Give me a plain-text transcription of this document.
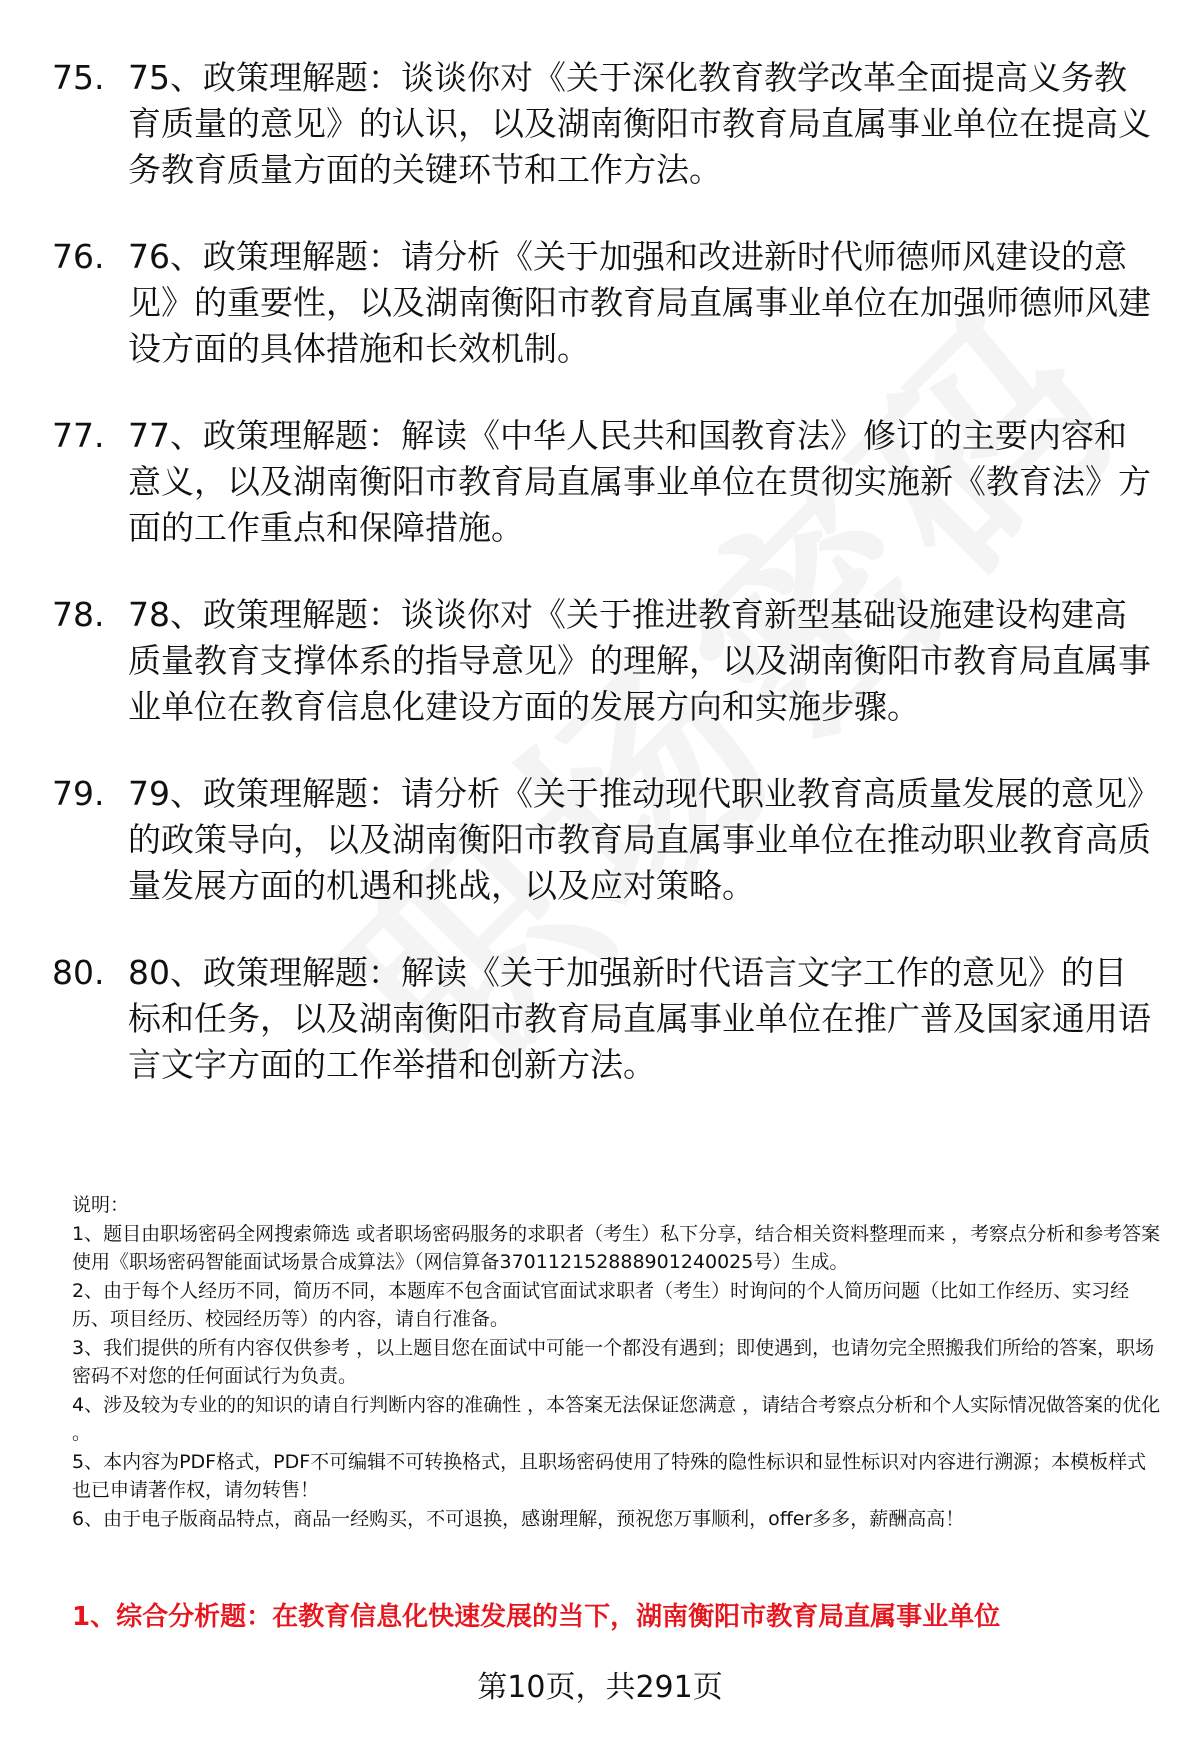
75. 75、政策理解题：谈谈你对《关于深化教育教学改革全面提高义务教育质量的意见》的认识，以及湖南衡阳市教育局直属事业单位在提高义务教育质量方面的关键环节和工作方法。
76. 76、政策理解题：请分析《关于加强和改进新时代师德师风建设的意见》的重要性，以及湖南衡阳市教育局直属事业单位在加强师德师风建设方面的具体措施和长效机制。
77. 77、政策理解题：解读《中华人民共和国教育法》修订的主要内容和意义，以及湖南衡阳市教育局直属事业单位在贯彻实施新《教育法》方面的工作重点和保障措施。
78. 78、政策理解题：谈谈你对《关于推进教育新型基础设施建设构建高质量教育支撑体系的指导意见》的理解，以及湖南衡阳市教育局直属事业单位在教育信息化建设方面的发展方向和实施步骤。
79. 79、政策理解题：请分析《关于推动现代职业教育高质量发展的意见》的政策导向，以及湖南衡阳市教育局直属事业单位在推动职业教育高质量发展方面的机遇和挑战，以及应对策略。
80. 80、政策理解题：解读《关于加强新时代语言文字工作的意见》的目标和任务，以及湖南衡阳市教育局直属事业单位在推广普及国家通用语言文字方面的工作举措和创新方法。

说明：

1、题目由职场密码全网搜索筛选 或者职场密码服务的求职者（考生）私下分享，结合相关资料整理而来 ，考察点分析和参考答案使用《职场密码智能面试场景合成算法》（网信算备370112152888901240025号）生成。

2、由于每个人经历不同，简历不同，本题库不包含面试官面试求职者（考生）时询问的个人简历问题（比如工作经历、实习经历、项目经历、校园经历等）的内容，请自行准备。

3、我们提供的所有内容仅供参考 ，以上题目您在面试中可能一个都没有遇到；即使遇到，也请勿完全照搬我们所给的答案，职场密码不对您的任何面试行为负责。

4、涉及较为专业的的知识的请自行判断内容的准确性 ，本答案无法保证您满意 ，请结合考察点分析和个人实际情况做答案的优化 。

5、本内容为PDF格式，PDF不可编辑不可转换格式，且职场密码使用了特殊的隐性标识和显性标识对内容进行溯源；本模板样式也已申请著作权，请勿转售！

6、由于电子版商品特点，商品一经购买，不可退换，感谢理解，预祝您万事顺利，offer多多，薪酬高高！

1、综合分析题：在教育信息化快速发展的当下，湖南衡阳市教育局直属事业单位
第10页，共291页
